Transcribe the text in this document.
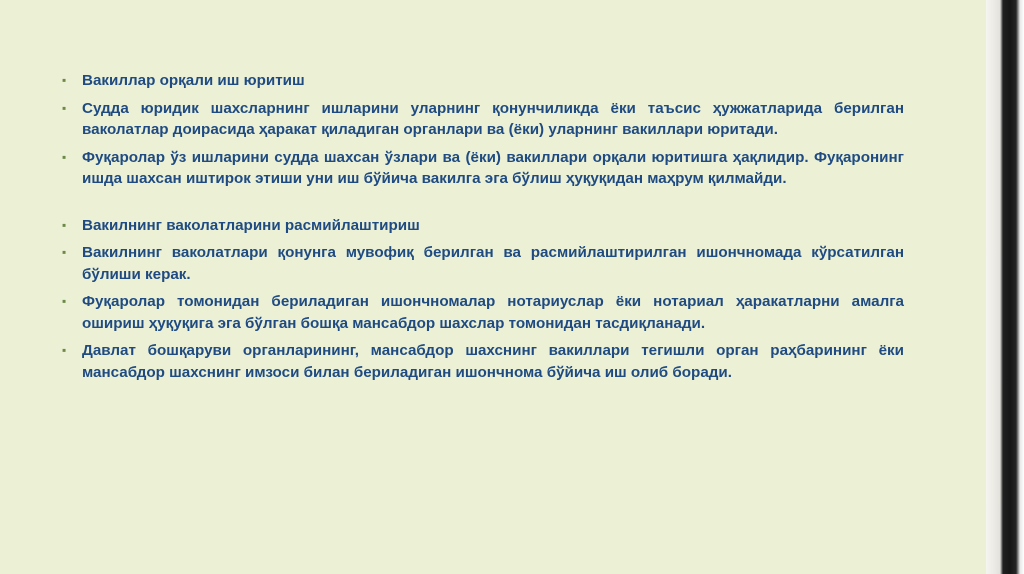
▪	Вакиллар орқали иш юритиш
▪	Судда юридик шахсларнинг ишларини уларнинг қонунчиликда ёки таъсис ҳужжатларида берилган ваколатлар доирасида ҳаракат қиладиган органлари ва (ёки) уларнинг вакиллари юритади.
▪	Фуқаролар ўз ишларини судда шахсан ўзлари ва (ёки) вакиллари орқали юритишга ҳақлидир. Фуқаронинг ишда шахсан иштирок этиши уни иш бўйича вакилга эга бўлиш ҳуқуқидан маҳрум қилмайди.
▪	Вакилнинг ваколатларини расмийлаштириш
▪	Вакилнинг ваколатлари қонунга мувофиқ берилган ва расмийлаштирилган ишончномада кўрсатилган бўлиши керак.
▪	Фуқаролар томонидан бериладиган ишончномалар нотариуслар ёки нотариал ҳаракатларни амалга ошириш ҳуқуқига эга бўлган бошқа мансабдор шахслар томонидан тасдиқланади.
▪	Давлат бошқаруви органларининг, мансабдор шахснинг вакиллари тегишли орган раҳбарининг ёки мансабдор шахснинг имзоси билан бериладиган ишончнома бўйича иш олиб боради.
